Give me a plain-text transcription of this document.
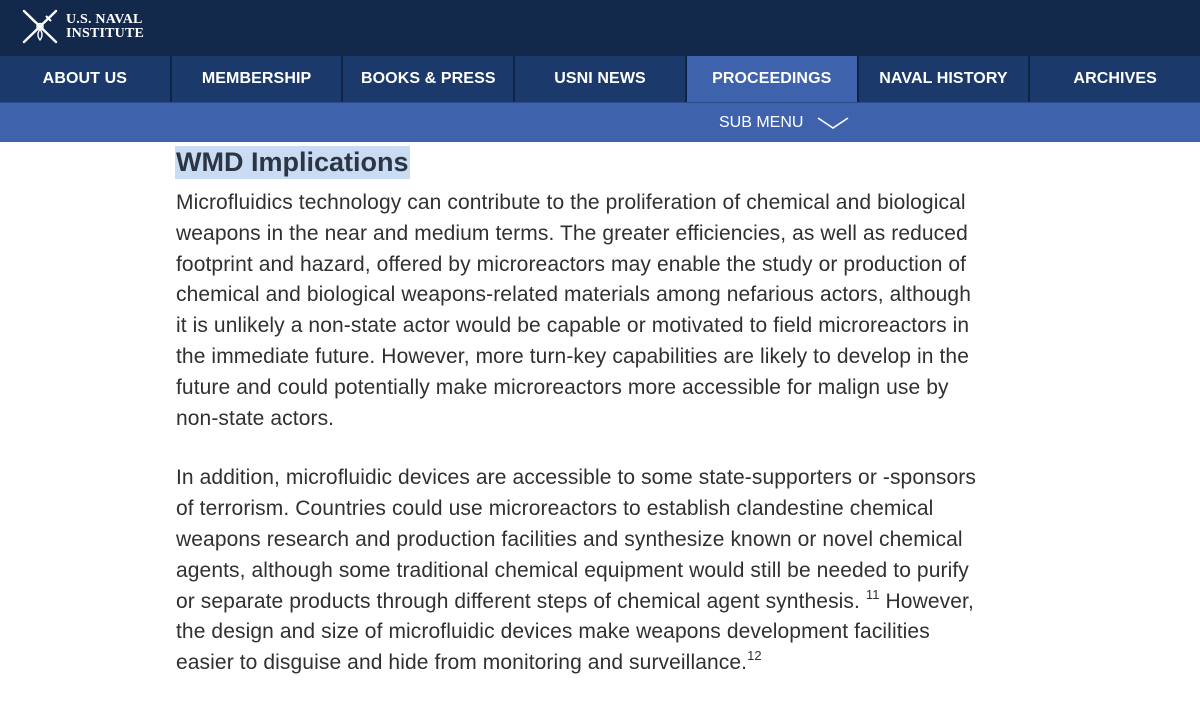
U.S. NAVAL
INSTITUTE
ABOUT US	MEMBERSHIP	BOOKS & PRESS	USNI NEWS	PROCEEDINGS	NAVAL HISTORY	ARCHIVES
SUB MENU
WMD Implications

Microfluidics technology can contribute to the proliferation of chemical and biological weapons in the near and medium terms. The greater efficiencies, as well as reduced footprint and hazard, offered by microreactors may enable the study or production of chemical and biological weapons-related materials among nefarious actors, although it is unlikely a non-state actor would be capable or motivated to field microreactors in the immediate future. However, more turn-key capabilities are likely to develop in the future and could potentially make microreactors more accessible for malign use by non-state actors.

In addition, microfluidic devices are accessible to some state-supporters or -sponsors of terrorism. Countries could use microreactors to establish clandestine chemical weapons research and production facilities and synthesize known or novel chemical agents, although some traditional chemical equipment would still be needed to purify or separate products through different steps of chemical agent synthesis. $^{11}$ However, the design and size of microfluidic devices make weapons development facilities easier to disguise and hide from monitoring and surveillance.$^{12}$
